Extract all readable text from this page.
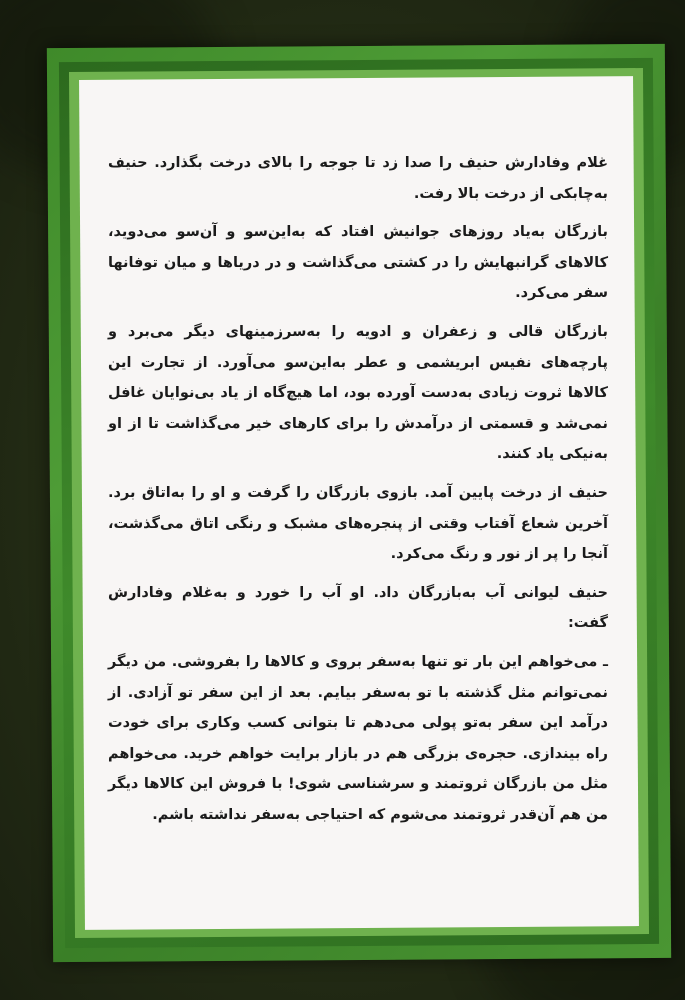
غلام وفادارش حنیف را صدا زد تا جوجه را بالای درخت بگذارد. حنیف به‌چابکی از درخت بالا رفت.

بازرگان به‌یاد روزهای جوانیش افتاد که به‌این‌سو و آن‌سو می‌دوید، کالاهای گرانبهایش را در کشتی می‌گذاشت و در دریاها و میان توفانها سفر می‌کرد.

بازرگان قالی و زعفران و ادویه را به‌سرزمینهای دیگر می‌برد و پارچه‌های نفیس ابریشمی و عطر به‌این‌سو می‌آورد. از تجارت این کالاها ثروت زیادی به‌دست آورده بود، اما هیچ‌گاه از یاد بی‌نوایان غافل نمی‌شد و قسمتی از درآمدش را برای کارهای خیر می‌گذاشت تا از او به‌نیکی یاد کنند.

حنیف از درخت پایین آمد. بازوی بازرگان را گرفت و او را به‌اتاق برد. آخرین شعاع آفتاب وقتی از پنجره‌های مشبک و رنگی اتاق می‌گذشت، آنجا را پر از نور و رنگ می‌کرد.

حنیف لیوانی آب به‌بازرگان داد. او آب را خورد و به‌غلام وفادارش گفت:

ـ می‌خواهم این بار تو تنها به‌سفر بروی و کالاها را بفروشی. من دیگر نمی‌توانم مثل گذشته با تو به‌سفر بیایم. بعد از این سفر تو آزادی. از درآمد این سفر به‌تو پولی می‌دهم تا بتوانی کسب وکاری برای خودت راه بیندازی. حجره‌ی بزرگی هم در بازار برایت خواهم خرید. می‌خواهم مثل من بازرگان ثروتمند و سرشناسی شوی! با فروش این کالاها دیگر من هم آن‌قدر ثروتمند می‌شوم که احتیاجی به‌سفر نداشته باشم.
